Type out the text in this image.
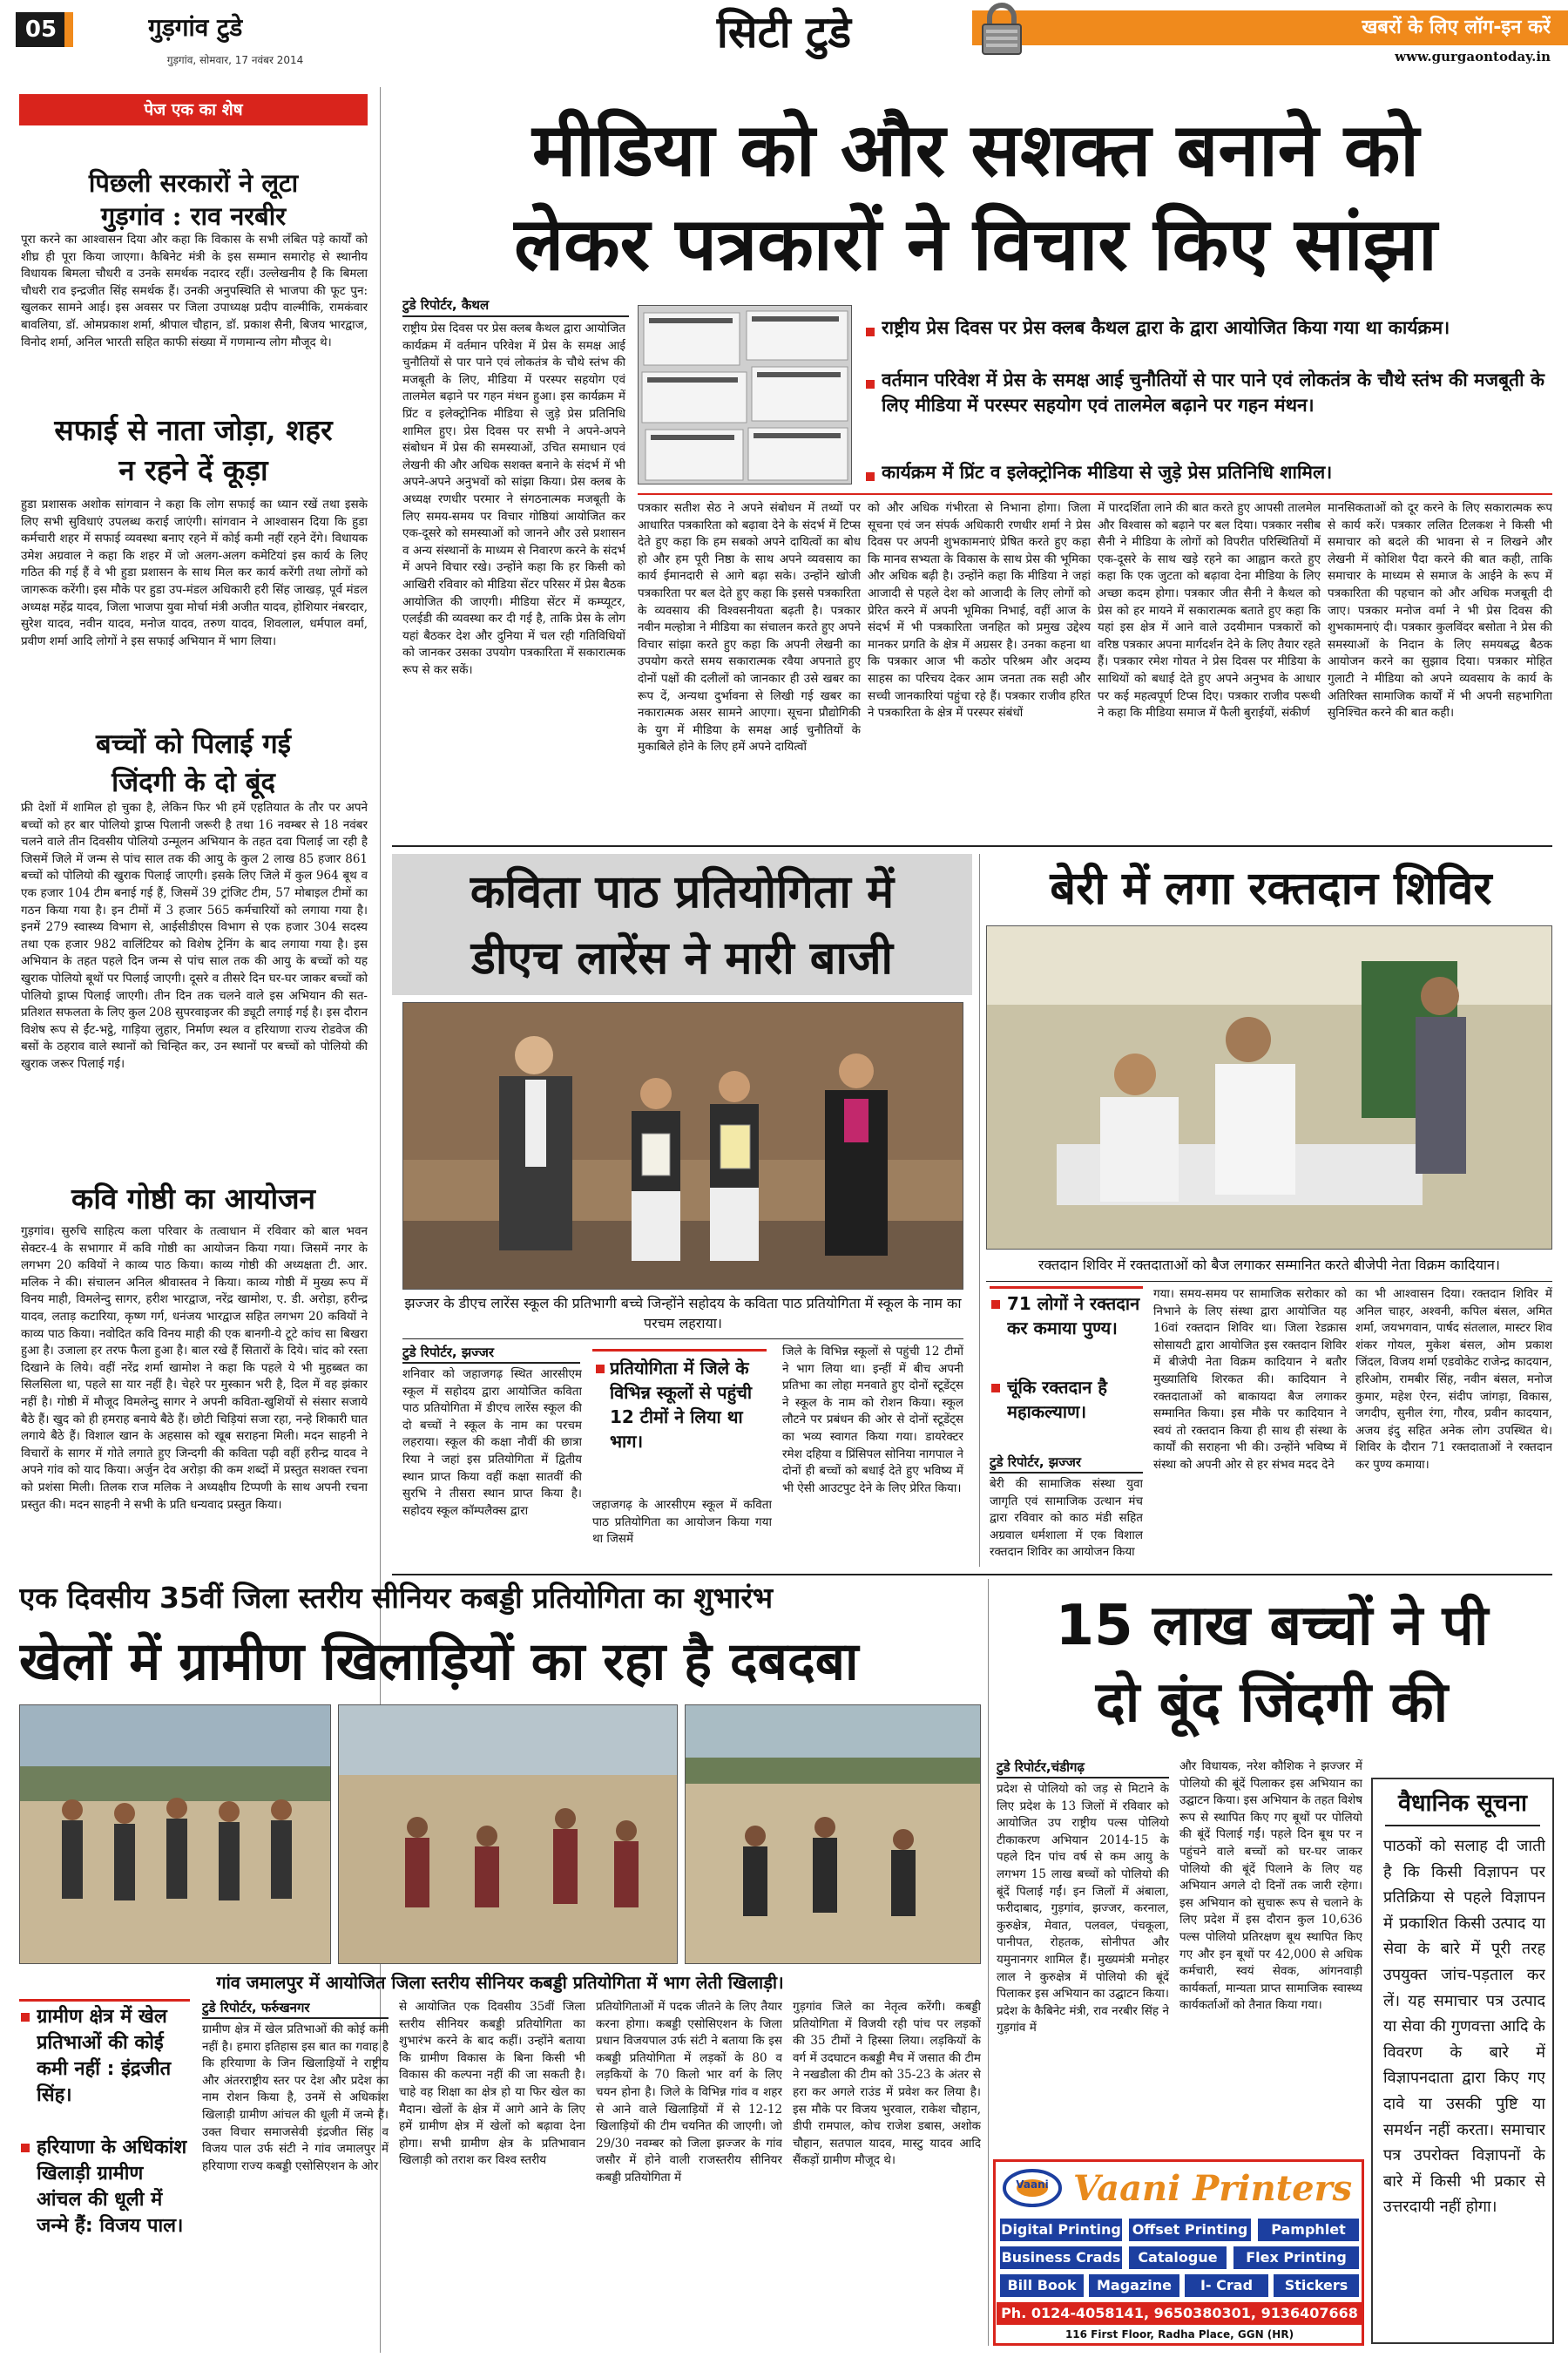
05	गुड़गांव टुडे
गुड़गांव, सोमवार, 17 नवंबर 2014
सिटी टुडे	खबरों के लिए लॉग-इन करें
www.gurgaontoday.in
पेज एक का शेष
पिछली सरकारों ने लूटा
गुड़गांव : राव नरबीर
पूरा करने का आश्वासन दिया और कहा कि विकास के सभी लंबित पड़े कार्यों को शीघ्र ही पूरा किया जाएगा। कैबिनेट मंत्री के इस सम्मान समारोह से स्थानीय विधायक बिमला चौधरी व उनके समर्थक नदारद रहीं। उल्लेखनीय है कि बिमला चौधरी राव इन्द्रजीत सिंह समर्थक हैं। उनकी अनुपस्थिति से भाजपा की फूट पुन: खुलकर सामने आई। इस अवसर पर जिला उपाध्यक्ष प्रदीप वाल्मीकि, रामकंवार बावलिया, डॉ. ओमप्रकाश शर्मा, श्रीपाल चौहान, डॉ. प्रकाश सैनी, बिजय भारद्वाज, विनोद शर्मा, अनिल भारती सहित काफी संख्या में गणमान्य लोग मौजूद थे।
सफाई से नाता जोड़ा, शहर
न रहने दें कूड़ा
हुडा प्रशासक अशोक सांगवान ने कहा कि लोग सफाई का ध्यान रखें तथा इसके लिए सभी सुविधाएं उपलब्ध कराई जाएंगी। सांगवान ने आश्वासन दिया कि हुडा कर्मचारी शहर में सफाई व्यवस्था बनाए रहने में कोई कमी नहीं रहने देंगे। विधायक उमेश अग्रवाल ने कहा कि शहर में जो अलग-अलग कमेटियां इस कार्य के लिए गठित की गई हैं वे भी हुडा प्रशासन के साथ मिल कर कार्य करेंगी तथा लोगों को जागरूक करेंगी। इस मौके पर हुडा उप-मंडल अधिकारी हरी सिंह जाखड़, पूर्व मंडल अध्यक्ष महेंद्र यादव, जिला भाजपा युवा मोर्चा मंत्री अजीत यादव, होशियार नंबरदार, सुरेश यादव, नवीन यादव, मनोज यादव, तरुण यादव, शिवलाल, धर्मपाल वर्मा, प्रवीण शर्मा आदि लोगों ने इस सफाई अभियान में भाग लिया।
बच्चों को पिलाई गई
जिंदगी के दो बूंद
फ्री देशों में शामिल हो चुका है, लेकिन फिर भी हमें एहतियात के तौर पर अपने बच्चों को हर बार पोलियो ड्राप्स पिलानी जरूरी है तथा 16 नवम्बर से 18 नवंबर चलने वाले तीन दिवसीय पोलियो उन्मूलन अभियान के तहत दवा पिलाई जा रही है जिसमें जिले में जन्म से पांच साल तक की आयु के कुल 2 लाख 85 हजार 861 बच्चों को पोलियो की खुराक पिलाई जाएगी। इसके लिए जिले में कुल 964 बूथ व एक हजार 104 टीम बनाई गई हैं, जिसमें 39 ट्रांजिट टीम, 57 मोबाइल टीमों का गठन किया गया है। इन टीमों में 3 हजार 565 कर्मचारियों को लगाया गया है। इनमें 279 स्वास्थ्य विभाग से, आईसीडीएस विभाग से एक हजार 304 सदस्य तथा एक हजार 982 वालिंटियर को विशेष ट्रेनिंग के बाद लगाया गया है। इस अभियान के तहत पहले दिन जन्म से पांच साल तक की आयु के बच्चों को यह खुराक पोलियो बूथों पर पिलाई जाएगी। दूसरे व तीसरे दिन घर-घर जाकर बच्चों को पोलियो ड्राप्स पिलाई जाएगी। तीन दिन तक चलने वाले इस अभियान की सत-प्रतिशत सफलता के लिए कुल 208 सुपरवाइजर की ड्यूटी लगाई गई है। इस दौरान विशेष रूप से ईंट-भट्ठे, गाड़िया लुहार, निर्माण स्थल व हरियाणा राज्य रोडवेज की बसों के ठहराव वाले स्थानों को चिन्हित कर, उन स्थानों पर बच्चों को पोलियो की खुराक जरूर पिलाई गई।
कवि गोष्ठी का आयोजन
गुड़गांव। सुरुचि साहित्य कला परिवार के तत्वाधान में रविवार को बाल भवन सेक्टर-4 के सभागार में कवि गोष्ठी का आयोजन किया गया। जिसमें नगर के लगभग 20 कवियों ने काव्य पाठ किया। काव्य गोष्ठी की अध्यक्षता टी. आर. मलिक ने की। संचालन अनिल श्रीवास्तव ने किया। काव्य गोष्ठी में मुख्य रूप में विनय माही, विमलेन्दु सागर, हरीश भारद्वाज, नरेंद्र खामोश, ए. डी. अरोड़ा, हरीन्द्र यादव, लताड़ कटारिया, कृष्ण गर्ग, धनंजय भारद्वाज सहित लगभग 20 कवियों ने काव्य पाठ किया। नवोदित कवि विनय माही की एक बानगी-ये टूटे कांच सा बिखरा हुआ है। उजाला हर तरफ फैला हुआ है। बाल रखे हैं सितारों के दिये। चांद को रस्ता दिखाने के लिये। वहीं नरेंद्र शर्मा खामोश ने कहा कि पहले ये भी मुहब्बत का सिलसिला था, पहले सा यार नहीं है। चेहरे पर मुस्कान भरी है, दिल में वह झंकार नहीं है। गोष्ठी में मौजूद विमलेन्दु सागर ने अपनी कविता-खुशियों से संसार सजाये बैठे हैं। खुद को ही हमराह बनाये बैठे हैं। छोटी चिड़ियां सजा रहा, नन्हे शिकारी घात लगाये बैठे हैं। विशाल खान के अहसास को खूब सराहना मिली। मदन साहनी ने विचारों के सागर में गोते लगाते हुए जिन्दगी की कविता पढ़ी वहीं हरीन्द्र यादव ने अपने गांव को याद किया। अर्जुन देव अरोड़ा की कम शब्दों में प्रस्तुत सशक्त रचना को प्रशंसा मिली। तिलक राज मलिक ने अध्यक्षीय टिप्पणी के साथ अपनी रचना प्रस्तुत की। मदन साहनी ने सभी के प्रति धन्यवाद प्रस्तुत किया।
मीडिया को और सशक्त बनाने को
लेकर पत्रकारों ने विचार किए सांझा
टुडे रिपोर्टर, कैथल
राष्ट्रीय प्रेस दिवस पर प्रेस क्लब कैथल द्वारा आयोजित कार्यक्रम में वर्तमान परिवेश में प्रेस के समक्ष आई चुनौतियों से पार पाने एवं लोकतंत्र के चौथे स्तंभ की मजबूती के लिए, मीडिया में परस्पर सहयोग एवं तालमेल बढ़ाने पर गहन मंथन हुआ। इस कार्यक्रम में प्रिंट व इलेक्ट्रोनिक मीडिया से जुड़े प्रेस प्रतिनिधि शामिल हुए। प्रेस दिवस पर सभी ने अपने-अपने संबोधन में प्रेस की समस्याओं, उचित समाधान एवं लेखनी की और अधिक सशक्त बनाने के संदर्भ में भी अपने-अपने अनुभवों को सांझा किया। प्रेस क्लब के अध्यक्ष रणधीर परमार ने संगठनात्मक मजबूती के लिए समय-समय पर विचार गोष्ठियां आयोजित कर एक-दूसरे को समस्याओं को जानने और उसे प्रशासन व अन्य संस्थानों के माध्यम से निवारण करने के संदर्भ में अपने विचार रखे। उन्होंने कहा कि हर किसी को आखिरी रविवार को मीडिया सेंटर परिसर में प्रेस बैठक आयोजित की जाएगी। मीडिया सेंटर में कम्प्यूटर, एलईडी की व्यवस्था कर दी गई है, ताकि प्रेस के लोग यहां बैठकर देश और दुनिया में चल रही गतिविधियों को जानकर उसका उपयोग पत्रकारिता में सकारात्मक रूप से कर सकें।
राष्ट्रीय प्रेस दिवस पर प्रेस क्लब कैथल द्वारा के द्वारा आयोजित किया गया था कार्यक्रम।
वर्तमान परिवेश में प्रेस के समक्ष आई चुनौतियों से पार पाने एवं लोकतंत्र के चौथे स्तंभ की मजबूती के लिए मीडिया में परस्पर सहयोग एवं तालमेल बढ़ाने पर गहन मंथन।
कार्यक्रम में प्रिंट व इलेक्ट्रोनिक मीडिया से जुड़े प्रेस प्रतिनिधि शामिल।
पत्रकार सतीश सेठ ने अपने संबोधन में तथ्यों पर आधारित पत्रकारिता को बढ़ावा देने के संदर्भ में टिप्स देते हुए कहा कि हम सबको अपने दायित्वों का बोध हो और हम पूरी निष्ठा के साथ अपने व्यवसाय का कार्य ईमानदारी से आगे बढ़ा सके। उन्होंने खोजी पत्रकारिता पर बल देते हुए कहा कि इससे पत्रकारिता के व्यवसाय की विश्वसनीयता बढ़ती है। पत्रकार नवीन मल्होत्रा ने मीडिया का संचालन करते हुए अपने विचार सांझा करते हुए कहा कि अपनी लेखनी का उपयोग करते समय सकारात्मक रवैया अपनाते हुए दोनों पक्षों की दलीलों को जानकार ही उसे खबर का रूप दें, अन्यथा दुर्भावना से लिखी गई खबर का नकारात्मक असर सामने आएगा। सूचना प्रौद्योगिकी के युग में मीडिया के समक्ष आई चुनौतियों के मुकाबिले होने के लिए हमें अपने दायित्वों
को और अधिक गंभीरता से निभाना होगा। जिला सूचना एवं जन संपर्क अधिकारी रणधीर शर्मा ने प्रेस दिवस पर अपनी शुभकामनाएं प्रेषित करते हुए कहा कि मानव सभ्यता के विकास के साथ प्रेस की भूमिका और अधिक बढ़ी है। उन्होंने कहा कि मीडिया ने जहां आजादी से पहले देश को आजादी के लिए लोगों को प्रेरित करने में अपनी भूमिका निभाई, वहीं आज के संदर्भ में भी पत्रकारिता जनहित को प्रमुख उद्देश्य मानकर प्रगति के क्षेत्र में अग्रसर है। उनका कहना था कि पत्रकार आज भी कठोर परिश्रम और अदम्य साहस का परिचय देकर आम जनता तक सही और सच्ची जानकारियां पहुंचा रहे हैं। पत्रकार राजीव हरित ने पत्रकारिता के क्षेत्र में परस्पर संबंधों
में पारदर्शिता लाने की बात करते हुए आपसी तालमेल और विश्वास को बढ़ाने पर बल दिया। पत्रकार नसीब सैनी ने मीडिया के लोगों को विपरीत परिस्थितियों में एक-दूसरे के साथ खड़े रहने का आह्वान करते हुए कहा कि एक जुटता को बढ़ावा देना मीडिया के लिए अच्छा कदम होगा। पत्रकार जीत सैनी ने कैथल को प्रेस को हर मायने में सकारात्मक बताते हुए कहा कि यहां इस क्षेत्र में आने वाले उदयीमान पत्रकारों को वरिष्ठ पत्रकार अपना मार्गदर्शन देने के लिए तैयार रहते हैं। पत्रकार रमेश गोयत ने प्रेस दिवस पर मीडिया के साथियों को बधाई देते हुए अपने अनुभव के आधार पर कई महत्वपूर्ण टिप्स दिए। पत्रकार राजीव परूथी ने कहा कि मीडिया समाज में फैली बुराईयों, संकीर्ण
मानसिकताओं को दूर करने के लिए सकारात्मक रूप से कार्य करें। पत्रकार ललित टिलकश ने किसी भी समाचार को बदले की भावना से न लिखने और लेखनी में कोशिश पैदा करने की बात कही, ताकि समाचार के माध्यम से समाज के आईने के रूप में पत्रकारिता की पहचान को और अधिक मजबूती दी जाए। पत्रकार मनोज वर्मा ने भी प्रेस दिवस की शुभकामनाएं दी। पत्रकार कुलविंदर बसोता ने प्रेस की समस्याओं के निदान के लिए समयबद्ध बैठक आयोजन करने का सुझाव दिया। पत्रकार मोहित गुलाटी ने मीडिया को अपने व्यवसाय के कार्य के अतिरिक्त सामाजिक कार्यों में भी अपनी सहभागिता सुनिश्चित करने की बात कही।
कविता पाठ प्रतियोगिता में
डीएच लारेंस ने मारी बाजी
झज्जर के डीएच लारेंस स्कूल की प्रतिभागी बच्चे जिन्होंने सहोदय के कविता पाठ प्रतियोगिता में स्कूल के नाम का परचम लहराया।
टुडे रिपोर्टर, झज्जर
शनिवार को जहाजगढ़ स्थित आरसीएम स्कूल में सहोदय द्वारा आयोजित कविता पाठ प्रतियोगिता में डीएच लारेंस स्कूल की दो बच्चों ने स्कूल के नाम का परचम लहराया। स्कूल की कक्षा नौवीं की छात्रा रिया ने जहां इस प्रतियोगिता में द्वितीय स्थान प्राप्त किया वहीं कक्षा सातवीं की सुरभि ने तीसरा स्थान प्राप्त किया है। सहोदय स्कूल कॉम्पलैक्स द्वारा
प्रतियोगिता में जिले के विभिन्न स्कूलों से पहुंची 12 टीमों ने लिया था भाग।
जहाजगढ़ के आरसीएम स्कूल में कविता पाठ प्रतियोगिता का आयोजन किया गया था जिसमें
जिले के विभिन्न स्कूलों से पहुंची 12 टीमों ने भाग लिया था। इन्हीं में बीच अपनी प्रतिभा का लोहा मनवाते हुए दोनों स्टूडेंट्स ने स्कूल के नाम को रोशन किया। स्कूल लौटने पर प्रबंधन की ओर से दोनों स्टूडेंट्स का भव्य स्वागत किया गया। डायरेक्टर रमेश दहिया व प्रिंसिपल सोनिया नागपाल ने दोनों ही बच्चों को बधाई देते हुए भविष्य में भी ऐसी आउटपुट देने के लिए प्रेरित किया।
बेरी में लगा रक्तदान शिविर
रक्तदान शिविर में रक्तदाताओं को बैज लगाकर सम्मानित करते बीजेपी नेता विक्रम कादियान।
71 लोगों ने रक्तदान कर कमाया पुण्य।
चूंकि रक्तदान है महाकल्याण।
टुडे रिपोर्टर, झज्जर
बेरी की सामाजिक संस्था युवा जागृति एवं सामाजिक उत्थान मंच द्वारा रविवार को काठ मंडी सहित अग्रवाल धर्मशाला में एक विशाल रक्तदान शिविर का आयोजन किया
गया। समय-समय पर सामाजिक सरोकार को निभाने के लिए संस्था द्वारा आयोजित यह 16वां रक्तदान शिविर था। जिला रेडक्रास सोसायटी द्वारा आयोजित इस रक्तदान शिविर में बीजेपी नेता विक्रम कादियान ने बतौर मुख्यातिथि शिरकत की। कादियान ने रक्तदाताओं को बाकायदा बैज लगाकर सम्मानित किया। इस मौके पर कादियान ने स्वयं तो रक्तदान किया ही साथ ही संस्था के कार्यों की सराहना भी की। उन्होंने भविष्य में संस्था को अपनी ओर से हर संभव मदद देने
का भी आश्वासन दिया। रक्तदान शिविर में अनिल चाहर, अश्वनी, कपिल बंसल, अमित शर्मा, जयभगवान, पार्षद संतलाल, मास्टर शिव शंकर गोयल, मुकेश बंसल, ओम प्रकाश जिंदल, विजय शर्मा एडवोकेट राजेन्द्र कादयान, हरिओम, रामबीर सिंह, नवीन बंसल, मनोज कुमार, महेश ऐरन, संदीप जांगड़ा, विकास, जगदीप, सुनील रंगा, गौरव, प्रवीन कादयान, अजय इंदु सहित अनेक लोग उपस्थित थे। शिविर के दौरान 71 रक्तदाताओं ने रक्तदान कर पुण्य कमाया।
एक दिवसीय 35वीं जिला स्तरीय सीनियर कबड्डी प्रतियोगिता का शुभारंभ
खेलों में ग्रामीण खिलाड़ियों का रहा है दबदबा
गांव जमालपुर में आयोजित जिला स्तरीय सीनियर कबड्डी प्रतियोगिता में भाग लेती खिलाड़ी।
ग्रामीण क्षेत्र में खेल प्रतिभाओं की कोई कमी नहीं : इंद्रजीत सिंह।
हरियाणा के अधिकांश खिलाड़ी ग्रामीण आंचल की धूली में जन्मे हैं: विजय पाल।
टुडे रिपोर्टर, फर्रुखनगर
ग्रामीण क्षेत्र में खेल प्रतिभाओं की कोई कमी नहीं है। हमारा इतिहास इस बात का गवाह है कि हरियाणा के जिन खिलाड़ियों ने राष्ट्रीय और अंतरराष्ट्रीय स्तर पर देश और प्रदेश का नाम रोशन किया है, उनमें से अधिकांश खिलाड़ी ग्रामीण आंचल की धूली में जन्मे हैं। उक्त विचार समाजसेवी इंद्रजीत सिंह व विजय पाल उर्फ संटी ने गांव जमालपुर में हरियाणा राज्य कबड्डी एसोसिएशन के ओर
से आयोजित एक दिवसीय 35वीं जिला स्तरीय सीनियर कबड्डी प्रतियोगिता का शुभारंभ करने के बाद कहीं। उन्होंने बताया कि ग्रामीण विकास के बिना किसी भी विकास की कल्पना नहीं की जा सकती है। चाहे वह शिक्षा का क्षेत्र हो या फिर खेल का मैदान। खेलों के क्षेत्र में आगे आने के लिए हमें ग्रामीण क्षेत्र में खेलों को बढ़ावा देना होगा। सभी ग्रामीण क्षेत्र के प्रतिभावान खिलाड़ी को तराश कर विश्व स्तरीय
प्रतियोगिताओं में पदक जीतने के लिए तैयार करना होगा। कबड्डी एसोसिएशन के जिला प्रधान विजयपाल उर्फ संटी ने बताया कि इस कबड्डी प्रतियोगिता में लड़कों के 80 व लड़कियों के 70 किलो भार वर्ग के लिए चयन होना है। जिले के विभिन्न गांव व शहर से आने वाले खिलाड़ियों में से 12-12 खिलाड़ियों की टीम चयनित की जाएगी। जो 29/30 नवम्बर को जिला झज्जर के गांव जसौर में होने वाली राजस्तरीय सीनियर कबड्डी प्रतियोगिता में
गुड़गांव जिले का नेतृत्व करेंगी। कबड्डी प्रतियोगिता में विजयी रही पांच पर लड़कों की 35 टीमों ने हिस्सा लिया। लड़कियों के वर्ग में उदघाटन कबड्डी मैच में जसात की टीम ने नखडौला की टीम को 35-23 के अंतर से हरा कर अगले राउंड में प्रवेश कर लिया है। इस मौके पर विजय भुरवाल, राकेश चौहान, डीपी रामपाल, कोच राजेश डबास, अशोक चौहान, सतपाल यादव, मास्टु यादव आदि सैंकड़ों ग्रामीण मौजूद थे।
15 लाख बच्चों ने पी
दो बूंद जिंदगी की
टुडे रिपोर्टर,चंडीगढ़
प्रदेश से पोलियो को जड़ से मिटाने के लिए प्रदेश के 13 जिलों में रविवार को आयोजित उप राष्ट्रीय पल्स पोलियो टीकाकरण अभियान 2014-15 के पहले दिन पांच वर्ष से कम आयु के लगभग 15 लाख बच्चों को पोलियो की बूंदें पिलाई गईं। इन जिलों में अंबाला, फरीदाबाद, गुड़गांव, झज्जर, करनाल, कुरुक्षेत्र, मेवात, पलवल, पंचकूला, पानीपत, रोहतक, सोनीपत और यमुनानगर शामिल हैं। मुख्यमंत्री मनोहर लाल ने कुरुक्षेत्र में पोलियो की बूंदें पिलाकर इस अभियान का उद्घाटन किया। प्रदेश के कैबिनेट मंत्री, राव नरबीर सिंह ने गुड़गांव में
और विधायक, नरेश कौशिक ने झज्जर में पोलियो की बूंदें पिलाकर इस अभियान का उद्घाटन किया। इस अभियान के तहत विशेष रूप से स्थापित किए गए बूथों पर पोलियो की बूंदें पिलाई गईं। पहले दिन बूथ पर न पहुंचने वाले बच्चों को घर-घर जाकर पोलियो की बूंदें पिलाने के लिए यह अभियान अगले दो दिनों तक जारी रहेगा। इस अभियान को सुचारू रूप से चलाने के लिए प्रदेश में इस दौरान कुल 10,636 पल्स पोलियो प्रतिरक्षण बूथ स्थापित किए गए और इन बूथों पर 42,000 से अधिक कर्मचारी, स्वयं सेवक, आंगनवाड़ी कार्यकर्ता, मान्यता प्राप्त सामाजिक स्वास्थ्य कार्यकर्ताओं को तैनात किया गया।
वैधानिक सूचना
पाठकों को सलाह दी जाती है कि किसी विज्ञापन पर प्रतिक्रिया से पहले विज्ञापन में प्रकाशित किसी उत्पाद या सेवा के बारे में पूरी तरह उपयुक्त जांच-पड़ताल कर लें। यह समाचार पत्र उत्पाद या सेवा की गुणवत्ता आदि के विवरण के बारे में विज्ञापनदाता द्वारा किए गए दावे या उसकी पुष्टि या समर्थन नहीं करता। समाचार पत्र उपरोक्त विज्ञापनों के बारे में किसी भी प्रकार से उत्तरदायी नहीं होगा।
Vaani Vaani Printers
Digital Printing Offset Printing	Pamphlet
Business Crads	Catalogue	Flex Printing
Bill Book	Magazine	I- Crad	Stickers
Ph. 0124-4058141, 9650380301, 9136407668
116 First Floor, Radha Place, GGN (HR)
